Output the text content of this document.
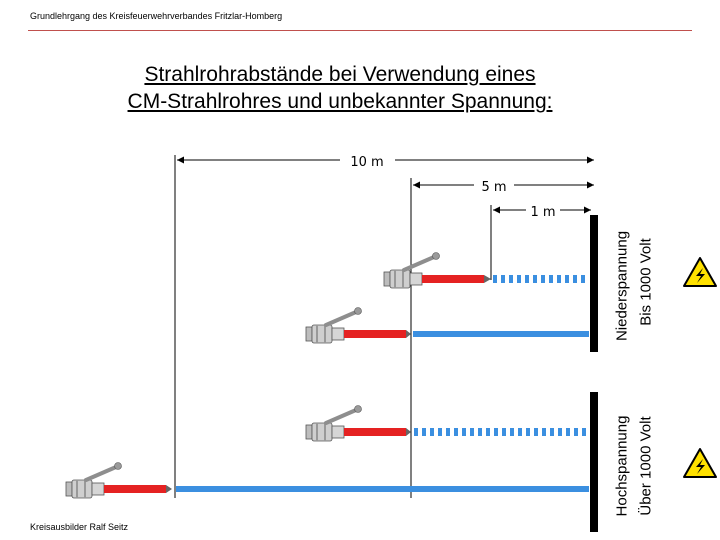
Grundlehrgang des Kreisfeuerwehrverbandes Fritzlar-Homberg
Strahlrohrabstände bei Verwendung eines
CM-Strahlrohres und unbekannter Spannung:
10 m
5 m
1 m
Niederspannung Bis 1000 Volt
Hochspannung Über 1000 Volt
Kreisausbilder Ralf Seitz
